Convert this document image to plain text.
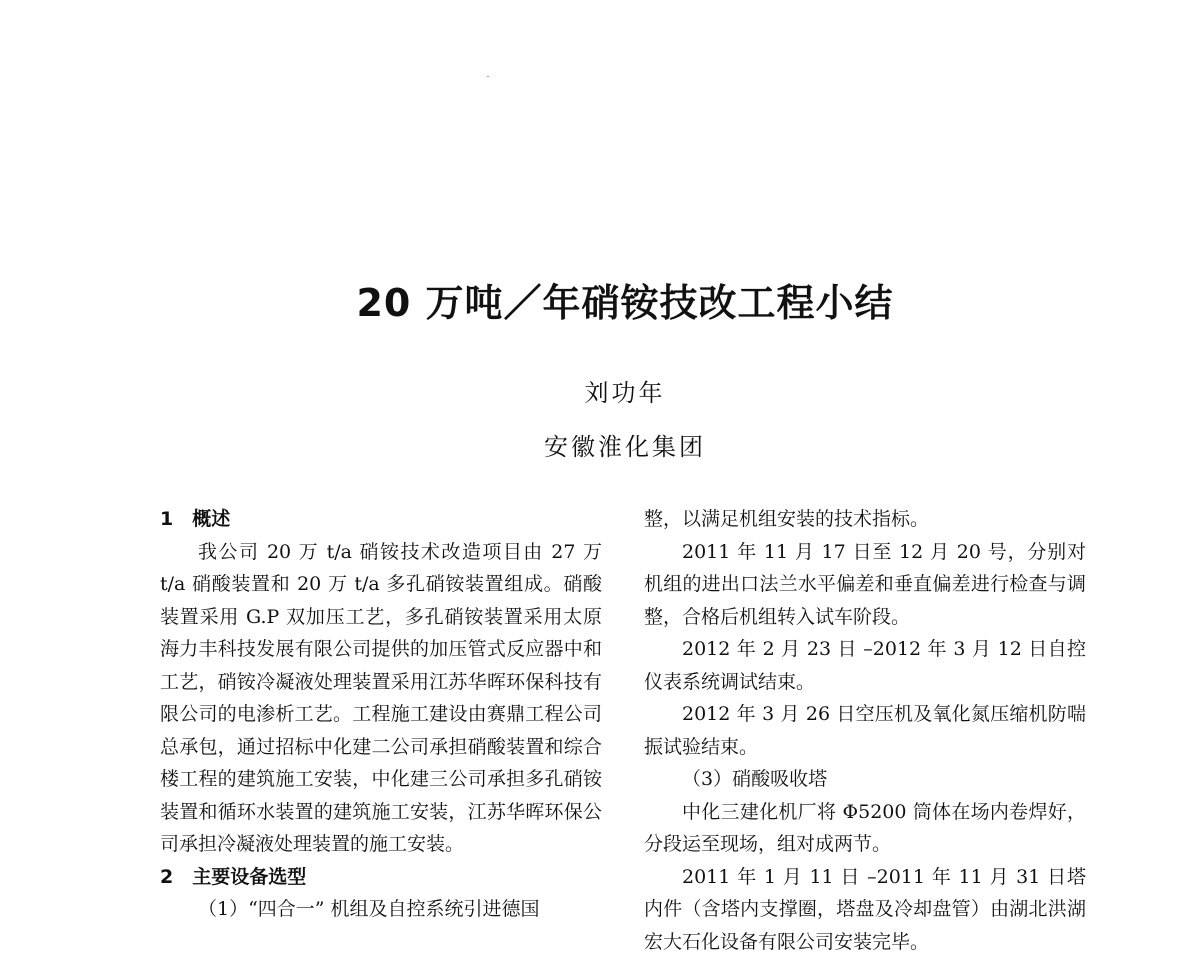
20 万吨／年硝铵技改工程小结
刘功年
安徽淮化集团
1　概述

我公司 20 万 t/a 硝铵技术改造项目由 27 万 t/a 硝酸装置和 20 万 t/a 多孔硝铵装置组成。硝酸装置采用 G.P 双加压工艺，多孔硝铵装置采用太原海力丰科技发展有限公司提供的加压管式反应器中和工艺，硝铵冷凝液处理装置采用江苏华晖环保科技有限公司的电渗析工艺。工程施工建设由赛鼎工程公司总承包，通过招标中化建二公司承担硝酸装置和综合楼工程的建筑施工安装，中化建三公司承担多孔硝铵装置和循环水装置的建筑施工安装，江苏华晖环保公司承担冷凝液处理装置的施工安装。

2　主要设备选型

（1）“四合一” 机组及自控系统引进德国

整，以满足机组安装的技术指标。

2011 年 11 月 17 日至 12 月 20 号，分别对机组的进出口法兰水平偏差和垂直偏差进行检查与调整，合格后机组转入试车阶段。

2012 年 2 月 23 日 –2012 年 3 月 12 日自控仪表系统调试结束。

2012 年 3 月 26 日空压机及氧化氮压缩机防喘振试验结束。

（3）硝酸吸收塔

中化三建化机厂将 Φ5200 筒体在场内卷焊好，分段运至现场，组对成两节。

2011 年 1 月 11 日 –2011 年 11 月 31 日塔内件（含塔内支撑圈，塔盘及冷却盘管）由湖北洪湖宏大石化设备有限公司安装完毕。
